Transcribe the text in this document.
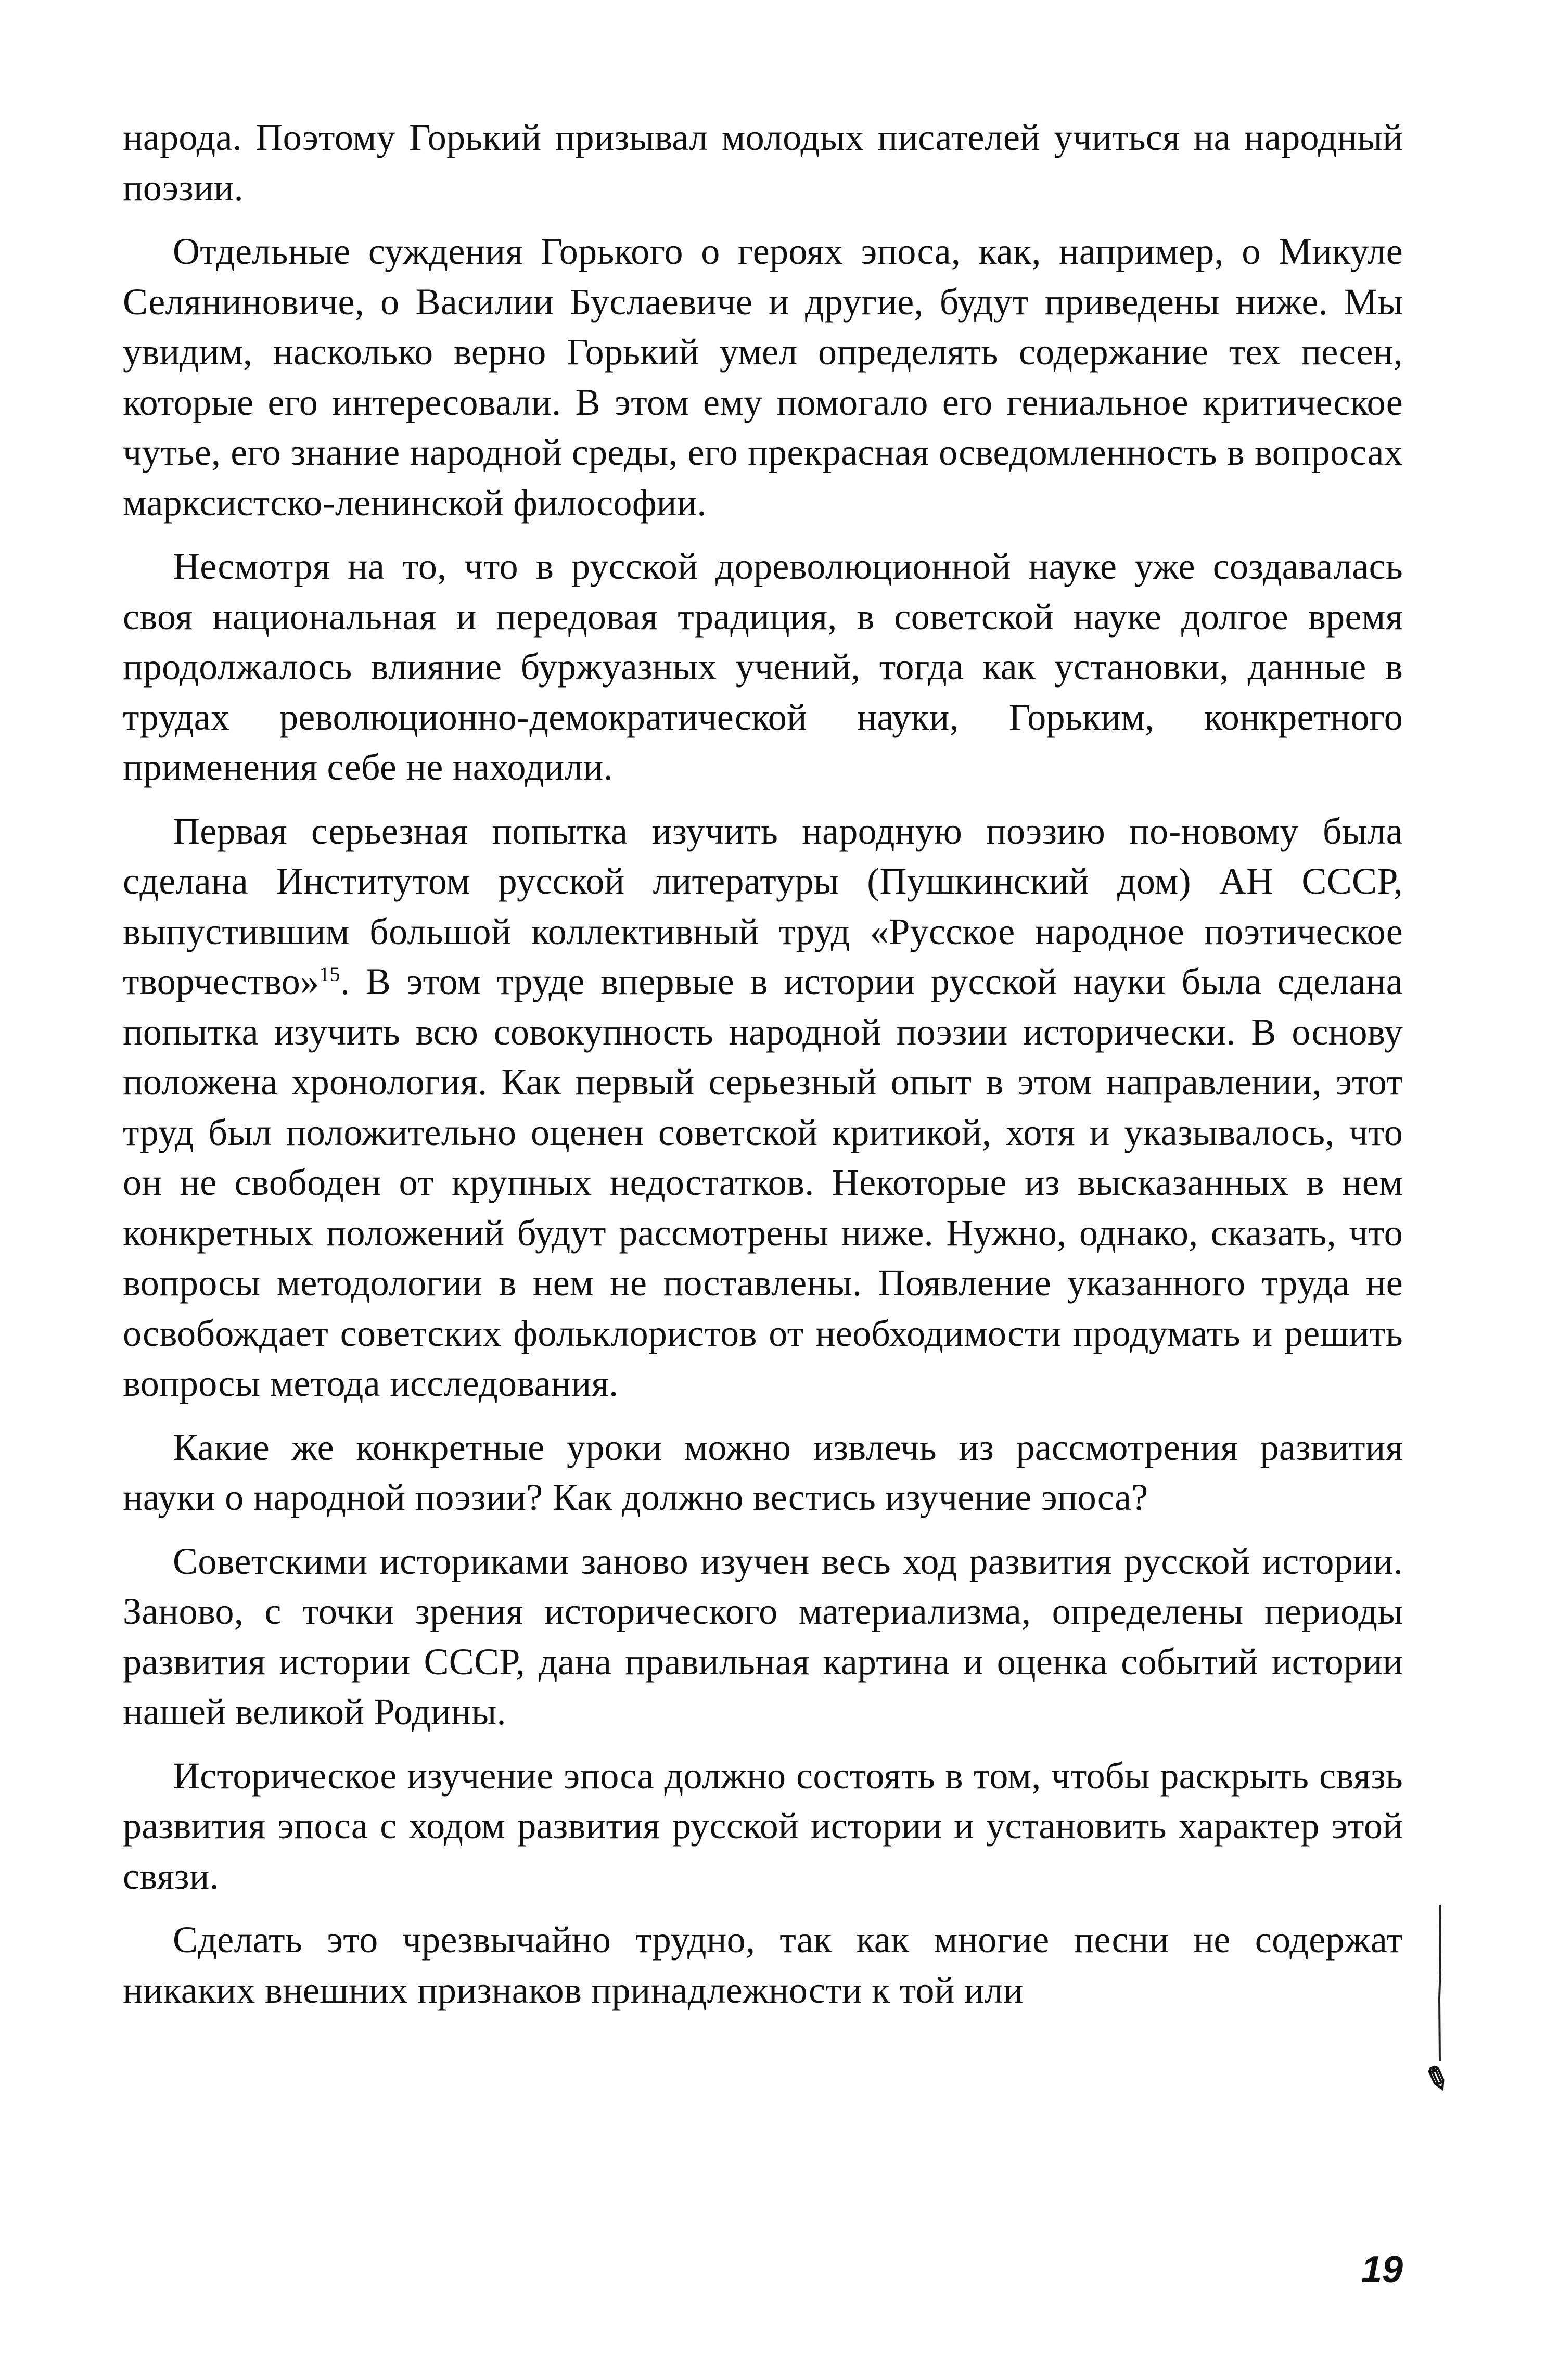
народа. Поэтому Горький призывал молодых писателей учиться на народный поэзии.

Отдельные суждения Горького о героях эпоса, как, например, о Микуле Селяниновиче, о Василии Буслаевиче и другие, будут приведены ниже. Мы увидим, насколько верно Горький умел определять содержание тех песен, которые его интересовали. В этом ему помогало его гениальное критическое чутье, его знание народной среды, его прекрасная осведомленность в вопросах марксистско-ленинской философии.

Несмотря на то, что в русской дореволюционной науке уже создавалась своя национальная и передовая традиция, в советской науке долгое время продолжалось влияние буржуазных учений, тогда как установки, данные в трудах революционно-демократической науки, Горьким, конкретного применения себе не находили.

Первая серьезная попытка изучить народную поэзию по-новому была сделана Институтом русской литературы (Пушкинский дом) АН СССР, выпустившим большой коллективный труд «Русское народное поэтическое творчество»$^{15}$. В этом труде впервые в истории русской науки была сделана попытка изучить всю совокупность народной поэзии исторически. В основу положена хронология. Как первый серьезный опыт в этом направлении, этот труд был положительно оценен советской критикой, хотя и указывалось, что он не свободен от крупных недостатков. Некоторые из высказанных в нем конкретных положений будут рассмотрены ниже. Нужно, однако, сказать, что вопросы методологии в нем не поставлены. Появление указанного труда не освобождает советских фольклористов от необходимости продумать и решить вопросы метода исследования.

Какие же конкретные уроки можно извлечь из рассмотрения развития науки о народной поэзии? Как должно вестись изучение эпоса?

Советскими историками заново изучен весь ход развития русской истории. Заново, с точки зрения исторического материализма, определены периоды развития истории СССР, дана правильная картина и оценка событий истории нашей великой Родины.

Историческое изучение эпоса должно состоять в том, чтобы раскрыть связь развития эпоса с ходом развития русской истории и установить характер этой связи.

Сделать это чрезвычайно трудно, так как многие песни не содержат никаких внешних признаков принадлежности к той или

✎
19
